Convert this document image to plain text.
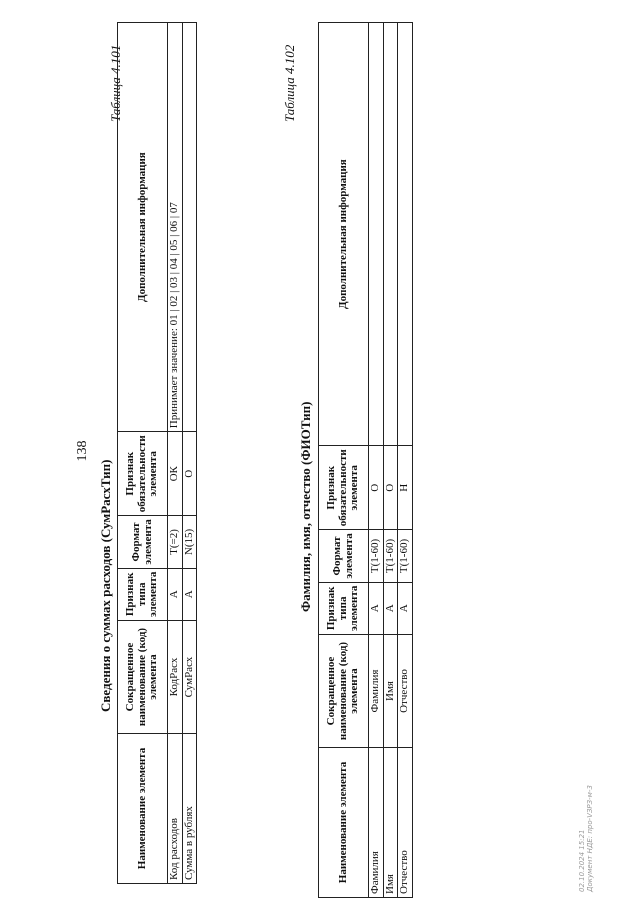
138
Таблица 4.101
Сведения о суммах расходов (СумРасхТип)
Наименование элемента	Сокращенное наименование (код) элемента	Признак типа элемента	Формат элемента	Признак обязательности элемента	Дополнительная информация
Код расходов	КодРасх	А	Т(=2)	ОК	Принимает значение: 01 | 02 | 03 | 04 | 05 | 06 | 07
Сумма в рублях	СумРасх	А	N(15)	О	
Таблица 4.102
Фамилия, имя, отчество (ФИОТип)
Наименование элемента	Сокращенное наименование (код) элемента	Признак типа элемента	Формат элемента	Признак обязательности элемента	Дополнительная информация
Фамилия	Фамилия	А	Т(1-60)	О	
Имя	Имя	А	Т(1-60)	О	
Отчество	Отчество	А	Т(1-60)	Н	
02.10.2024 15:21 Документ НДЕ: про-VЗРЗ-м-3
